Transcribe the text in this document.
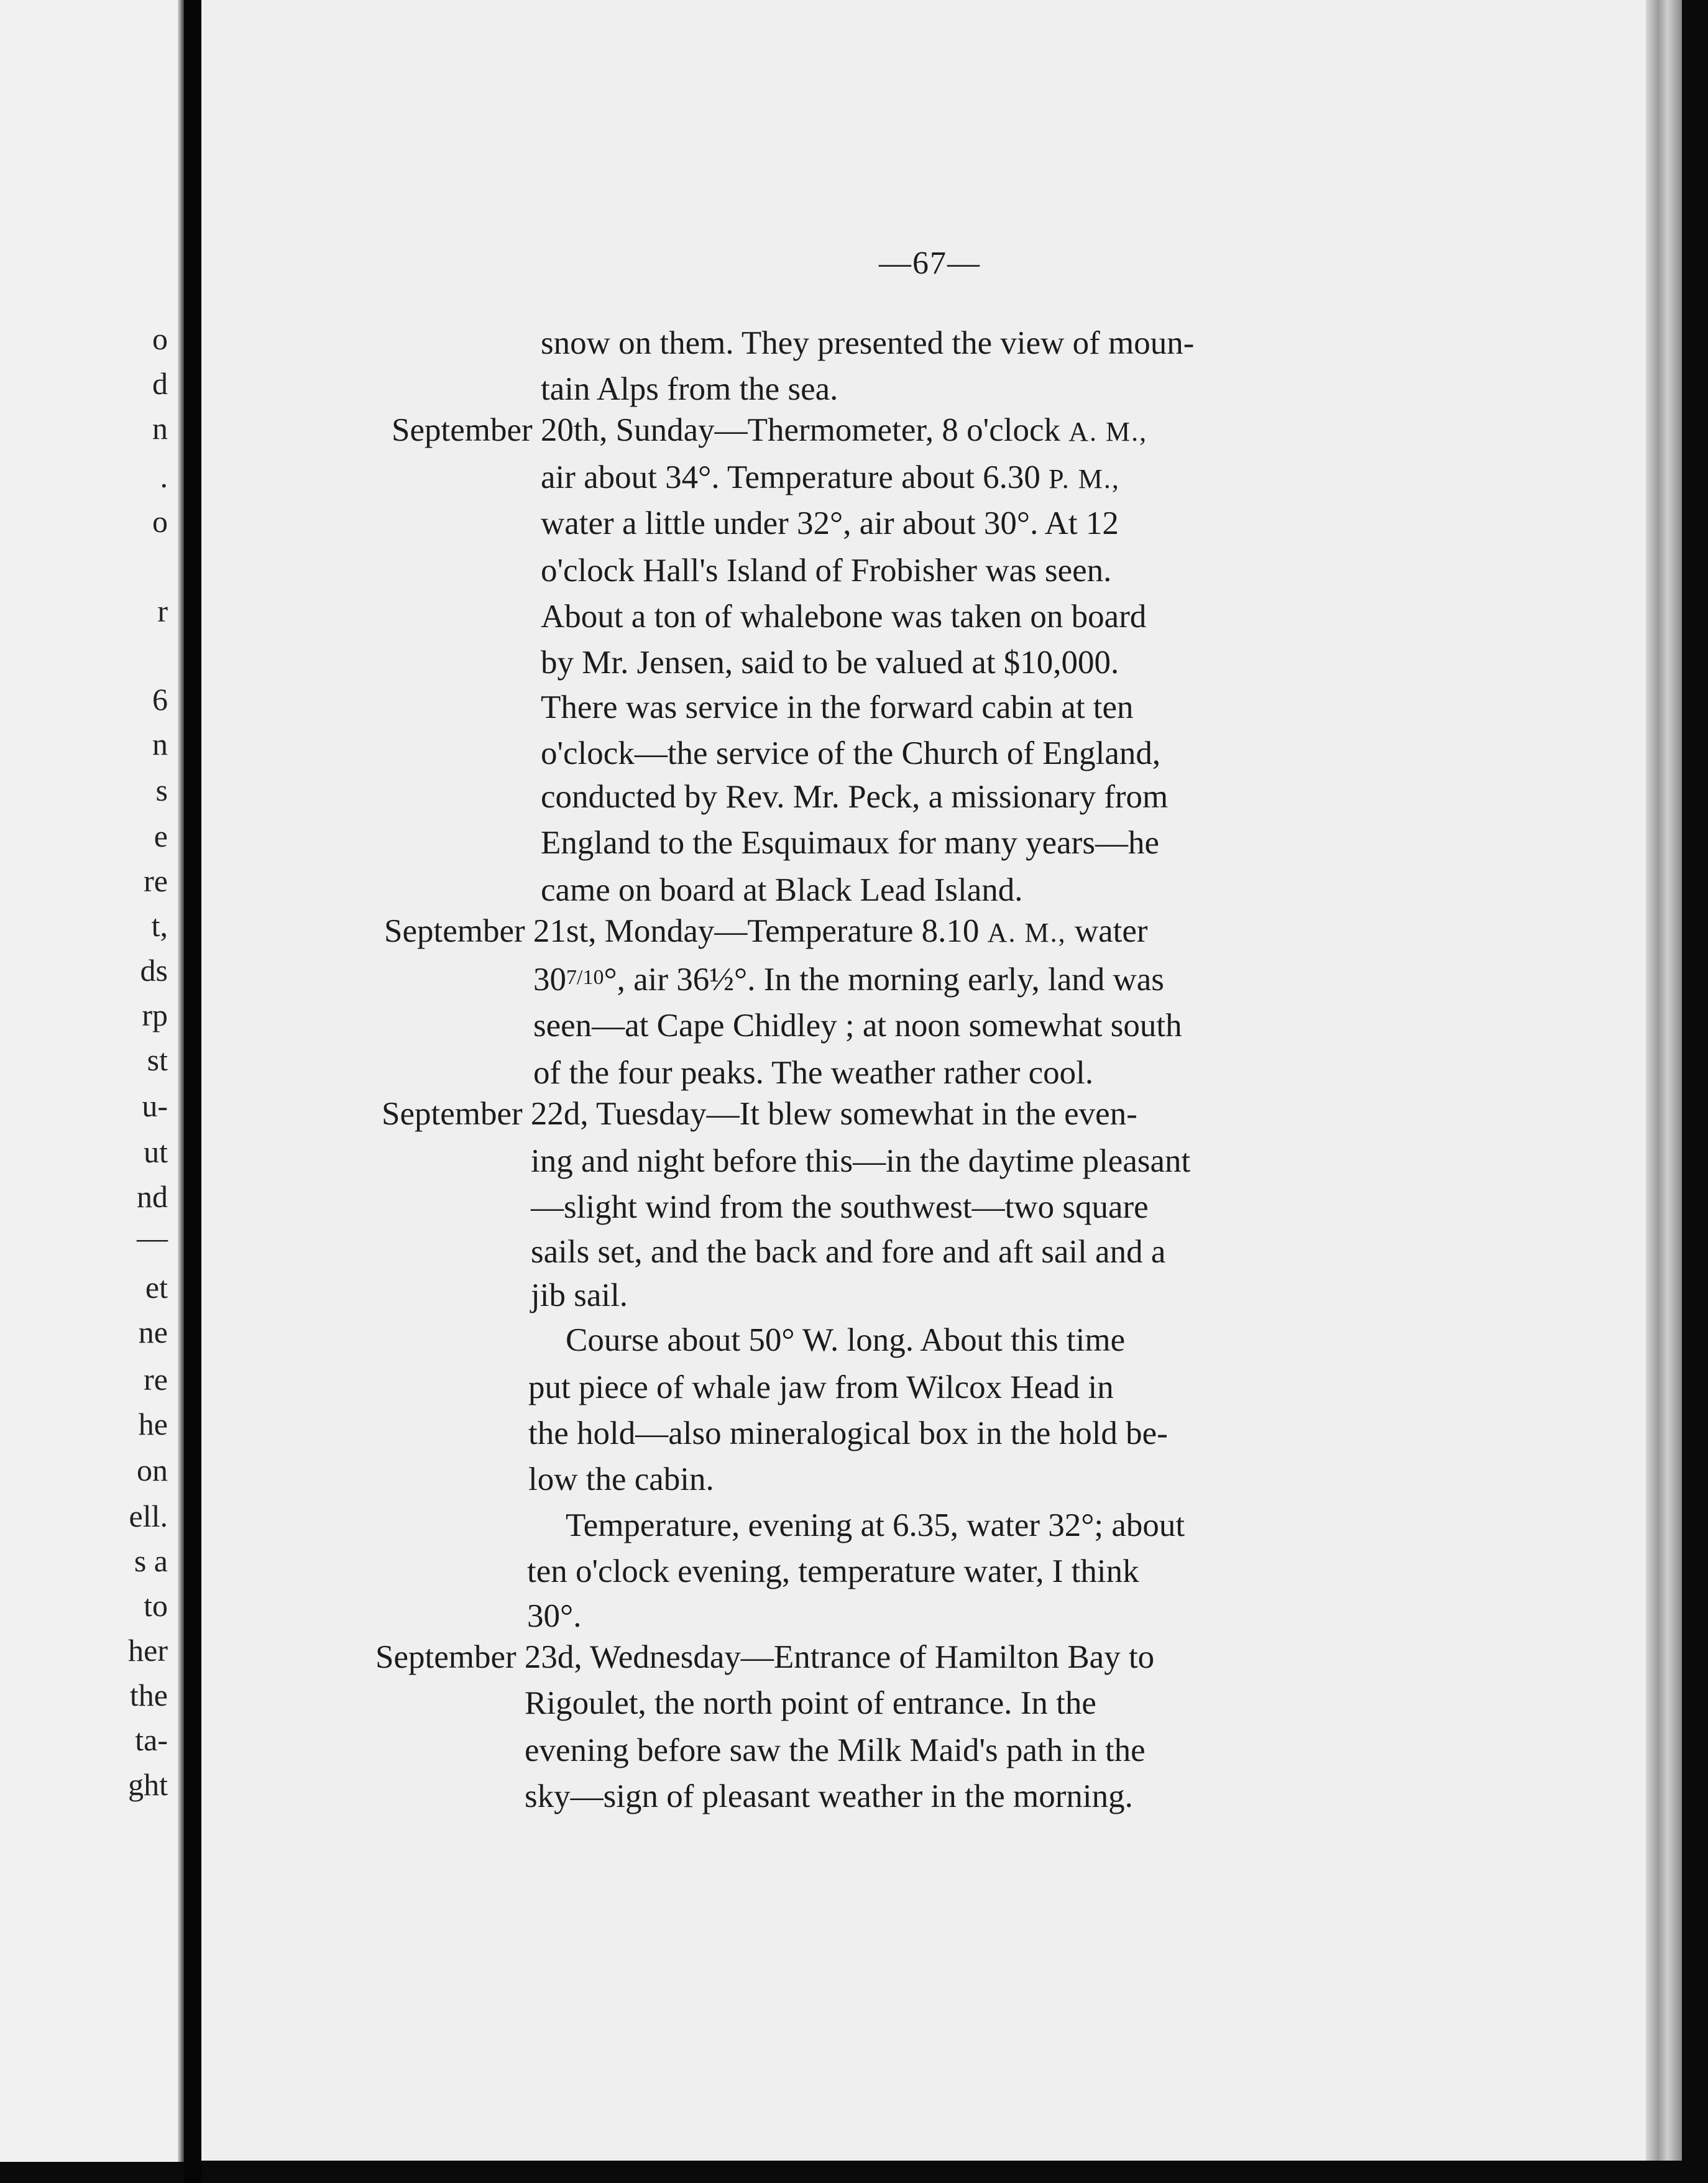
o

d

n

.

o

r

6

n

s

e

re

t,

ds

rp

st

u-

ut

nd

—

et

ne

re

he

on

ell.

s a

to

her

the

ta-

ght

—67—

snow on them. They presented the view of moun-

tain Alps from the sea.

September 20th, Sunday—Thermometer, 8 o'clock A. M.,

air about 34°. Temperature about 6.30 P. M.,

water a little under 32°, air about 30°. At 12

o'clock Hall's Island of Frobisher was seen.

About a ton of whalebone was taken on board

by Mr. Jensen, said to be valued at $10,000.

There was service in the forward cabin at ten

o'clock—the service of the Church of England,

conducted by Rev. Mr. Peck, a missionary from

England to the Esquimaux for many years—he

came on board at Black Lead Island.

September 21st, Monday—Temperature 8.10 A. M., water

307/10°, air 36½°. In the morning early, land was

seen—at Cape Chidley ; at noon somewhat south

of the four peaks. The weather rather cool.

September 22d, Tuesday—It blew somewhat in the even-

ing and night before this—in the daytime pleasant

—slight wind from the southwest—two square

sails set, and the back and fore and aft sail and a

jib sail.

Course about 50° W. long. About this time

put piece of whale jaw from Wilcox Head in

the hold—also mineralogical box in the hold be-

low the cabin.

Temperature, evening at 6.35, water 32°; about

ten o'clock evening, temperature water, I think

30°.

September 23d, Wednesday—Entrance of Hamilton Bay to

Rigoulet, the north point of entrance. In the

evening before saw the Milk Maid's path in the

sky—sign of pleasant weather in the morning.
